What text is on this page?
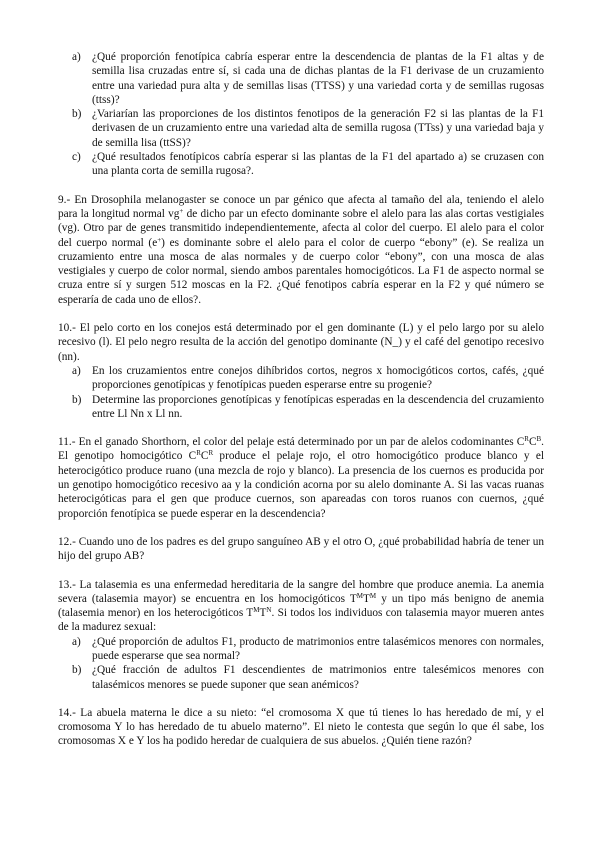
a) ¿Qué proporción fenotípica cabría esperar entre la descendencia de plantas de la F1 altas y de semilla lisa cruzadas entre sí, si cada una de dichas plantas de la F1 derivase de un cruzamiento entre una variedad pura alta y de semillas lisas (TTSS) y una variedad corta y de semillas rugosas (ttss)?

b) ¿Variarían las proporciones de los distintos fenotipos de la generación F2 si las plantas de la F1 derivasen de un cruzamiento entre una variedad alta de semilla rugosa (TTss) y una variedad baja y de semilla lisa (ttSS)?

c) ¿Qué resultados fenotípicos cabría esperar si las plantas de la F1 del apartado a) se cruzasen con una planta corta de semilla rugosa?.

9.- En Drosophila melanogaster se conoce un par génico que afecta al tamaño del ala, teniendo el alelo para la longitud normal vg+ de dicho par un efecto dominante sobre el alelo para las alas cortas vestigiales (vg). Otro par de genes transmitido independientemente, afecta al color del cuerpo. El alelo para el color del cuerpo normal (e+) es dominante sobre el alelo para el color de cuerpo “ebony” (e). Se realiza un cruzamiento entre una mosca de alas normales y de cuerpo color “ebony”, con una mosca de alas vestigiales y cuerpo de color normal, siendo ambos parentales homocigóticos. La F1 de aspecto normal se cruza entre sí y surgen 512 moscas en la F2. ¿Qué fenotipos cabría esperar en la F2 y qué número se esperaría de cada uno de ellos?.

10.- El pelo corto en los conejos está determinado por el gen dominante (L) y el pelo largo por su alelo recesivo (l). El pelo negro resulta de la acción del genotipo dominante (N_) y el café del genotipo recesivo (nn).

a) En los cruzamientos entre conejos dihíbridos cortos, negros x homocigóticos cortos, cafés, ¿qué proporciones genotípicas y fenotípicas pueden esperarse entre su progenie?

b) Determine las proporciones genotípicas y fenotípicas esperadas en la descendencia del cruzamiento entre Ll Nn x Ll nn.

11.- En el ganado Shorthorn, el color del pelaje está determinado por un par de alelos codominantes $C^RC^B$. El genotipo homocigótico $C^RC^R$ produce el pelaje rojo, el otro homocigótico produce blanco y el heterocigótico produce ruano (una mezcla de rojo y blanco). La presencia de los cuernos es producida por un genotipo homocigótico recesivo aa y la condición acorna por su alelo dominante A. Si las vacas ruanas heterocigóticas para el gen que produce cuernos, son apareadas con toros ruanos con cuernos, ¿qué proporción fenotípica se puede esperar en la descendencia?

12.- Cuando uno de los padres es del grupo sanguíneo AB y el otro O, ¿qué probabilidad habría de tener un hijo del grupo AB?

13.- La talasemia es una enfermedad hereditaria de la sangre del hombre que produce anemia. La anemia severa (talasemia mayor) se encuentra en los homocigóticos $T^MT^M$ y un tipo más benigno de anemia (talasemia menor) en los heterocigóticos $T^MT^N$. Si todos los individuos con talasemia mayor mueren antes de la madurez sexual:

a) ¿Qué proporción de adultos F1, producto de matrimonios entre talasémicos menores con normales, puede esperarse que sea normal?

b) ¿Qué fracción de adultos F1 descendientes de matrimonios entre talesémicos menores con talasémicos menores se puede suponer que sean anémicos?

14.- La abuela materna le dice a su nieto: “el cromosoma X que tú tienes lo has heredado de mí, y el cromosoma Y lo has heredado de tu abuelo materno”. El nieto le contesta que según lo que él sabe, los cromosomas X e Y los ha podido heredar de cualquiera de sus abuelos. ¿Quién tiene razón?
